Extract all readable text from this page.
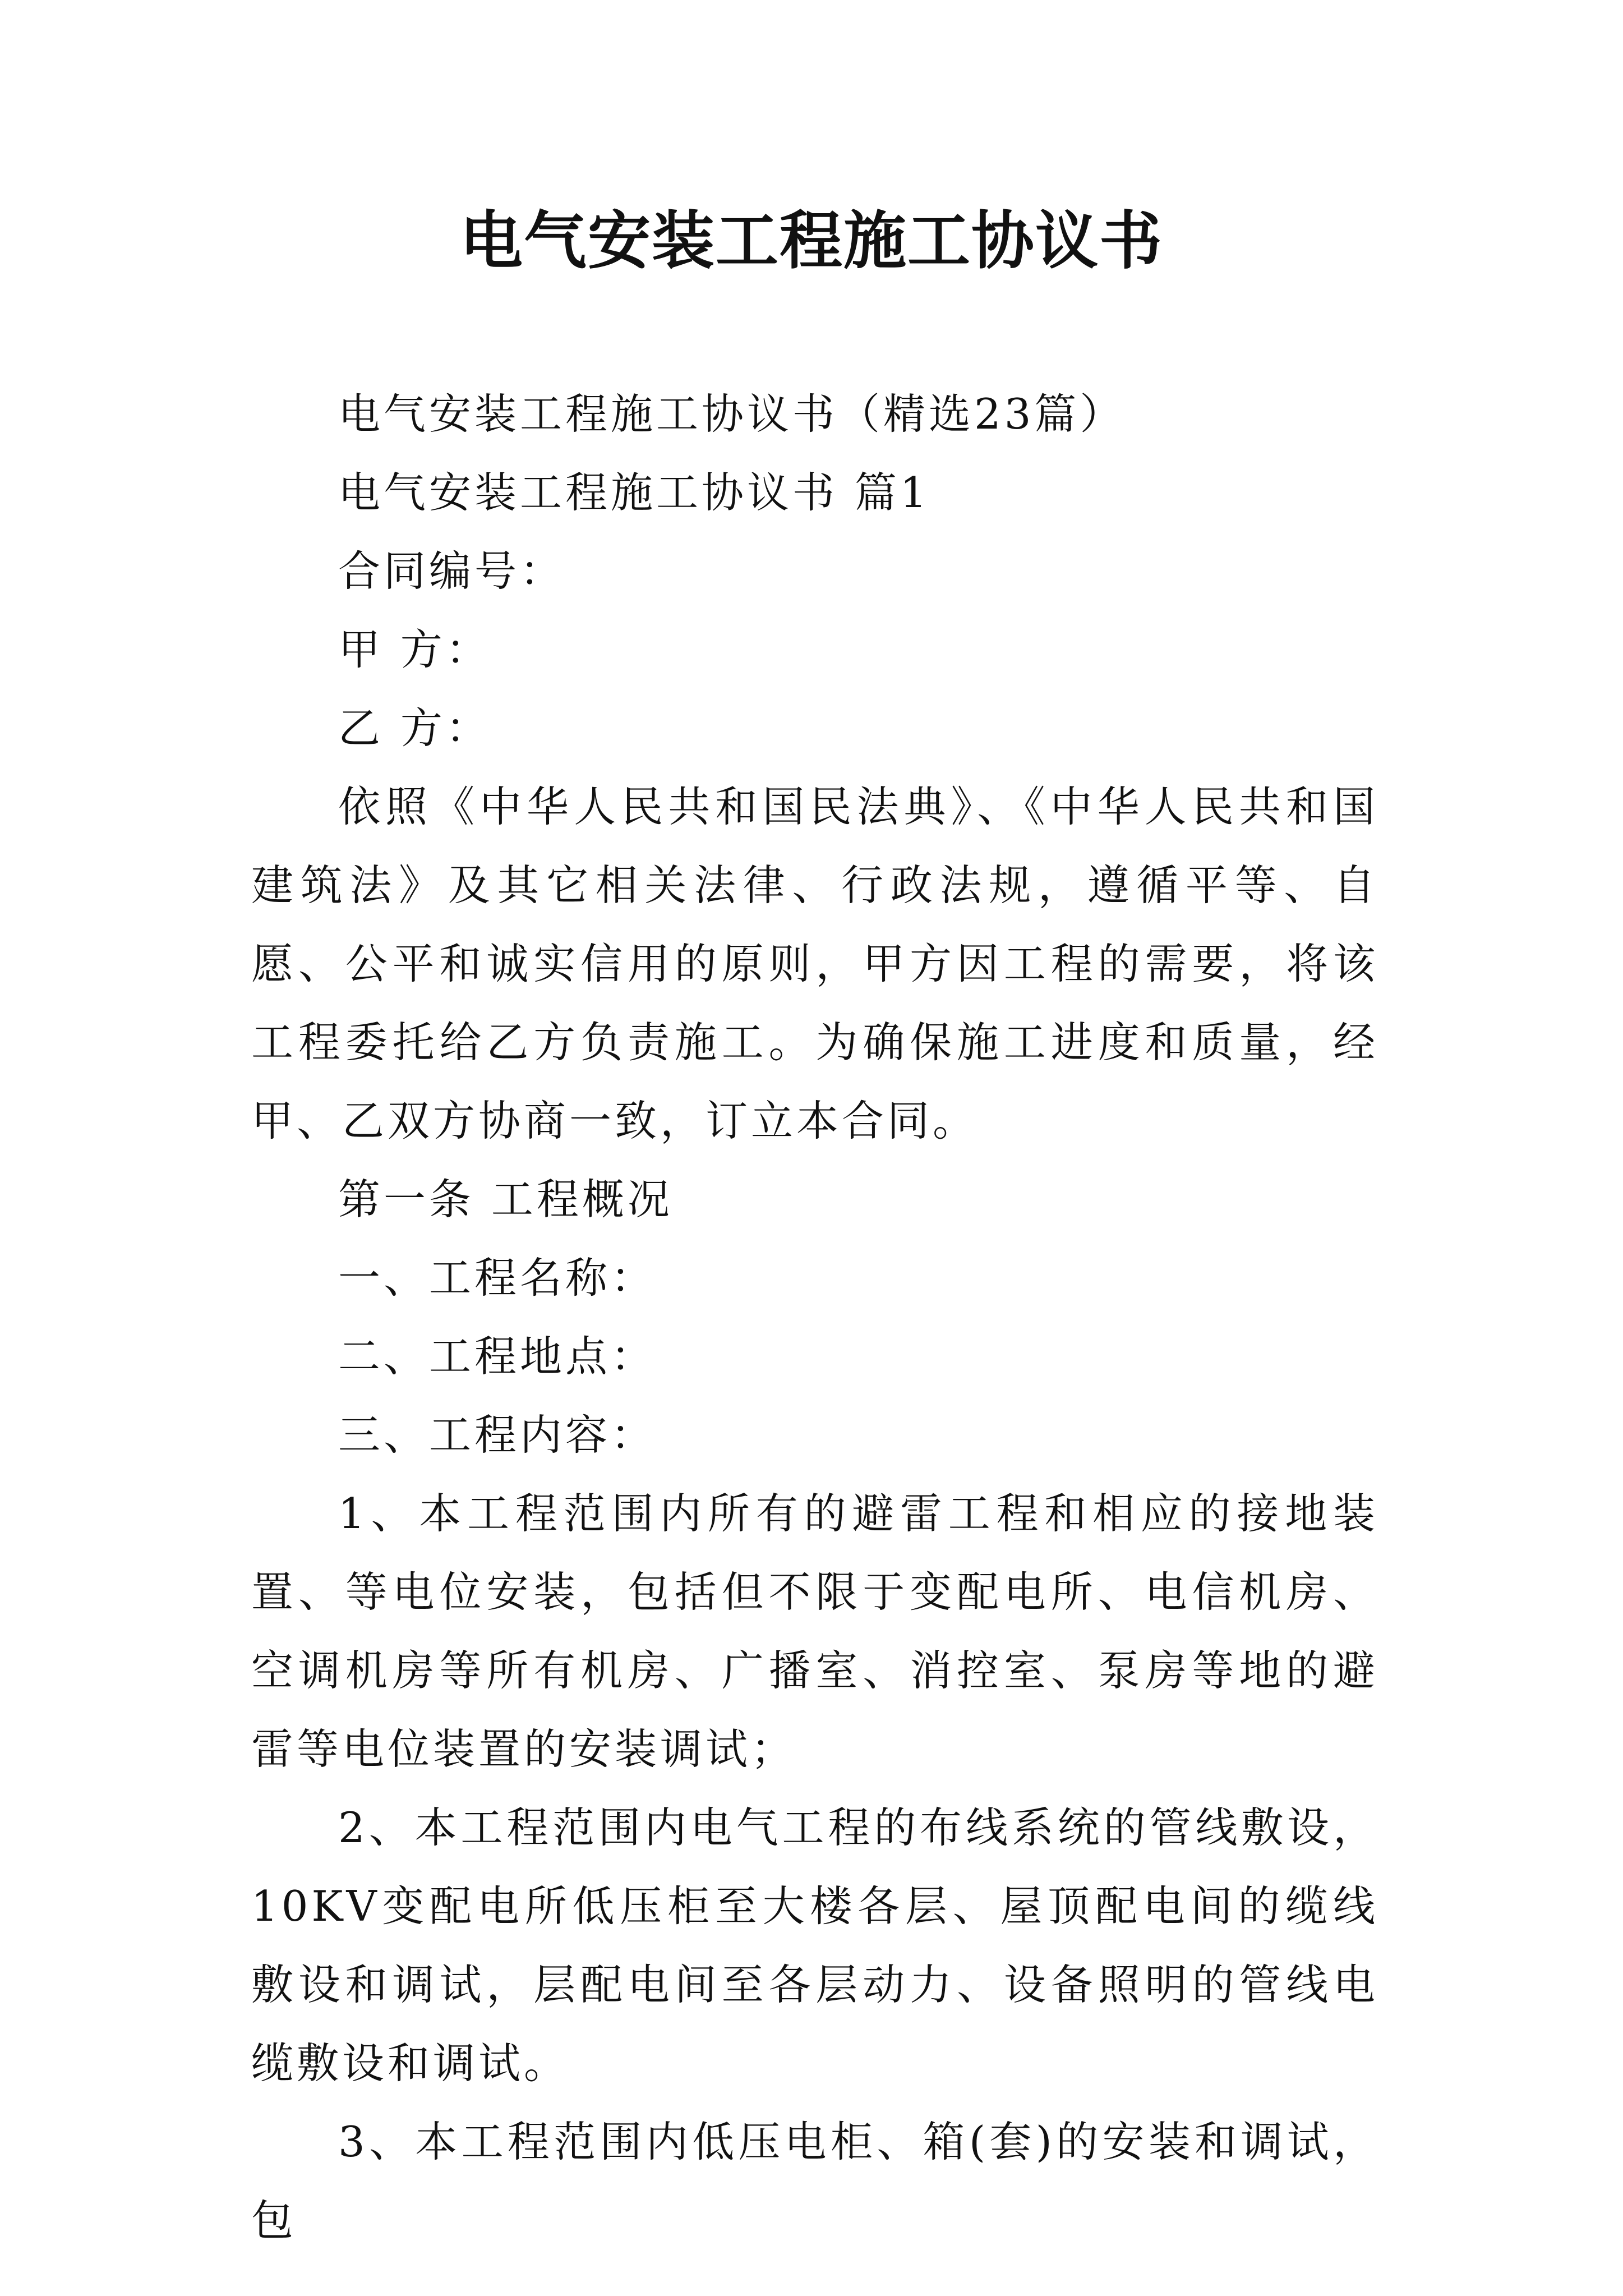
电气安装工程施工协议书

电气安装工程施工协议书（精选23篇）

电气安装工程施工协议书 篇1

合同编号：

甲 方：

乙 方：

依照《中华人民共和国民法典》、《中华人民共和国建筑法》及其它相关法律、行政法规，遵循平等、自愿、公平和诚实信用的原则，甲方因工程的需要，将该工程委托给乙方负责施工。为确保施工进度和质量，经甲、乙双方协商一致，订立本合同。

第一条 工程概况

一、工程名称：

二、工程地点：

三、工程内容：

1、本工程范围内所有的避雷工程和相应的接地装置、等电位安装，包括但不限于变配电所、电信机房、 空调机房等所有机房、广播室、消控室、泵房等地的避雷等电位装置的安装调试；

2、本工程范围内电气工程的布线系统的管线敷设，10KV变配电所低压柜至大楼各层、屋顶配电间的缆线敷设和调试，层配电间至各层动力、设备照明的管线电缆敷设和调试。

3、本工程范围内低压电柜、箱(套)的安装和调试，包
